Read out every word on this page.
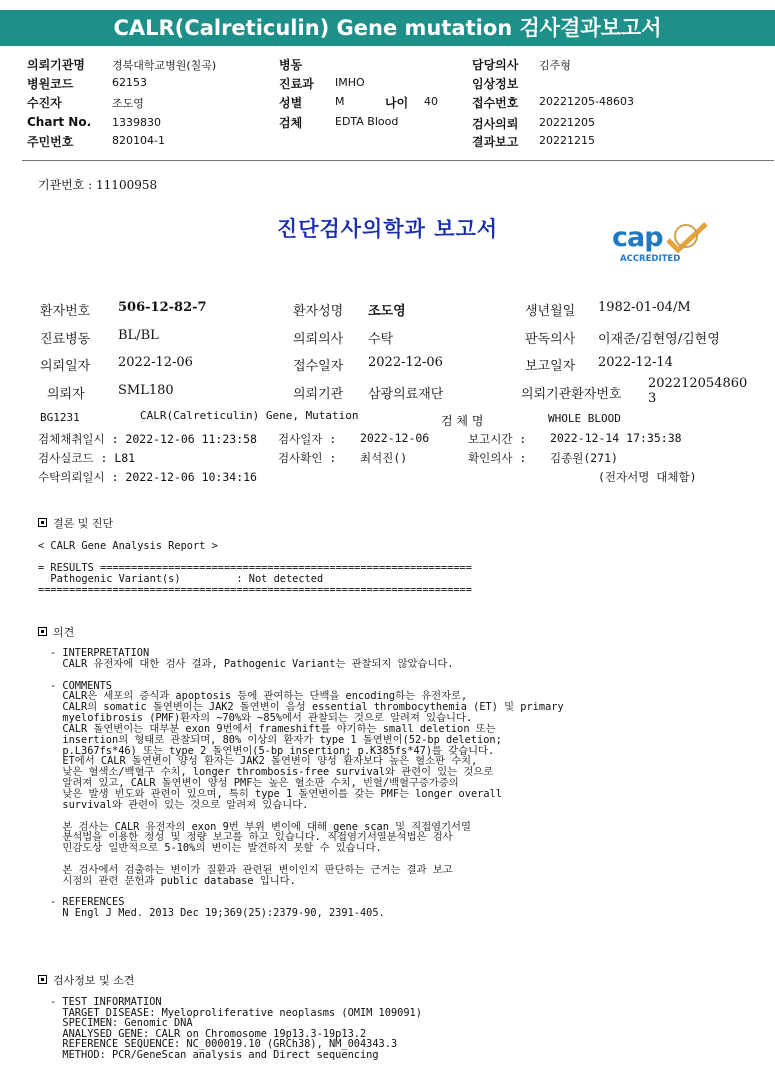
CALR(Calreticulin) Gene mutation 검사결과보고서
의뢰기관명 경북대학교병원(칠곡)	병동	담당의사 김주형
병원코드	62153	진료과 IMHO	임상정보
수진자	조도영	성별	M	나이 40	접수번호 20221205-48603
Chart No. 1339830	검체	EDTA Blood	검사의뢰 20221205
주민번호	820104-1	결과보고 20221215
기관번호 : 11100958
진단검사의학과 보고서	cap
ACCREDITED
환자번호 506-12-82-7	환자성명 조도영	생년월일 1982-01-04/M
진료병동 BL/BL	의뢰의사 수탁	판독의사 이재준/김현영/김현영
의뢰일자 2022-12-06	접수일자 2022-12-06	보고일자 2022-12-14
의뢰자	SML180	의뢰기관 삼광의료재단	의뢰기관환자번호
202212054860
3
BG1231	CALR(Calreticulin) Gene, Mutation	검 체 명	WHOLE BLOOD
검체채취일시 : 2022-12-06 11:23:58 검사일자 : 2022-12-06	보고시간 : 2022-12-14 17:35:38
검사실코드 : L81	검사확인 : 최석진()	확인의사 : 김종원(271)
수탁의뢰일시 : 2022-12-06 10:34:16	(전자서명 대체함)
결론 및 진단
< CALR Gene Analysis Report >

= RESULTS ============================================================
Pathogenic Variant(s)         : Not detected
======================================================================
의견
- INTERPRETATION
CALR 유전자에 대한 검사 결과, Pathogenic Variant는 관찰되지 않았습니다.

- COMMENTS
CALR은 세포의 증식과 apoptosis 등에 관여하는 단백을 encoding하는 유전자로,
CALR의 somatic 돌연변이는 JAK2 돌연변이 음성 essential thrombocythemia (ET) 및 primary
myelofibrosis (PMF)환자의 ~70%와 ~85%에서 관찰되는 것으로 알려져 있습니다.
CALR 돌연변이는 대부분 exon 9번에서 frameshift를 야기하는 small deletion 또는
insertion의 형태로 관찰되며, 80% 이상의 환자가 type 1 돌연변이(52-bp deletion;
p.L367fs*46) 또는 type 2 돌연변이(5-bp insertion; p.K385fs*47)를 갖습니다.
ET에서 CALR 돌연변이 양성 환자는 JAK2 돌연변이 양성 환자보다 높은 혈소판 수치,
낮은 혈색소/백혈구 수치, longer thrombosis-free survival와 관련이 있는 것으로
알려져 있고, CALR 돌연변이 양성 PMF는 높은 혈소판 수치, 빈혈/백혈구증가증의
낮은 발생 빈도와 관련이 있으며, 특히 type 1 돌연변이를 갖는 PMF는 longer overall
survival와 관련이 있는 것으로 알려져 있습니다.

본 검사는 CALR 유전자의 exon 9번 부위 변이에 대해 gene scan 및 직접염기서열
분석법을 이용한 정성 및 정량 보고를 하고 있습니다. 직접염기서열분석법은 검사
민감도상 일반적으로 5-10%의 변이는 발견하지 못할 수 있습니다.

본 검사에서 검출하는 변이가 질환과 관련된 변이인지 판단하는 근거는 결과 보고
시점의 관련 문헌과 public database 입니다.

- REFERENCES
N Engl J Med. 2013 Dec 19;369(25):2379-90, 2391-405.
검사정보 및 소견
- TEST INFORMATION
TARGET DISEASE: Myeloproliferative neoplasms (OMIM 109091)
SPECIMEN: Genomic DNA
ANALYSED GENE: CALR on Chromosome 19p13.3-19p13.2
REFERENCE SEQUENCE: NC_000019.10 (GRCh38), NM_004343.3
METHOD: PCR/GeneScan analysis and Direct sequencing
